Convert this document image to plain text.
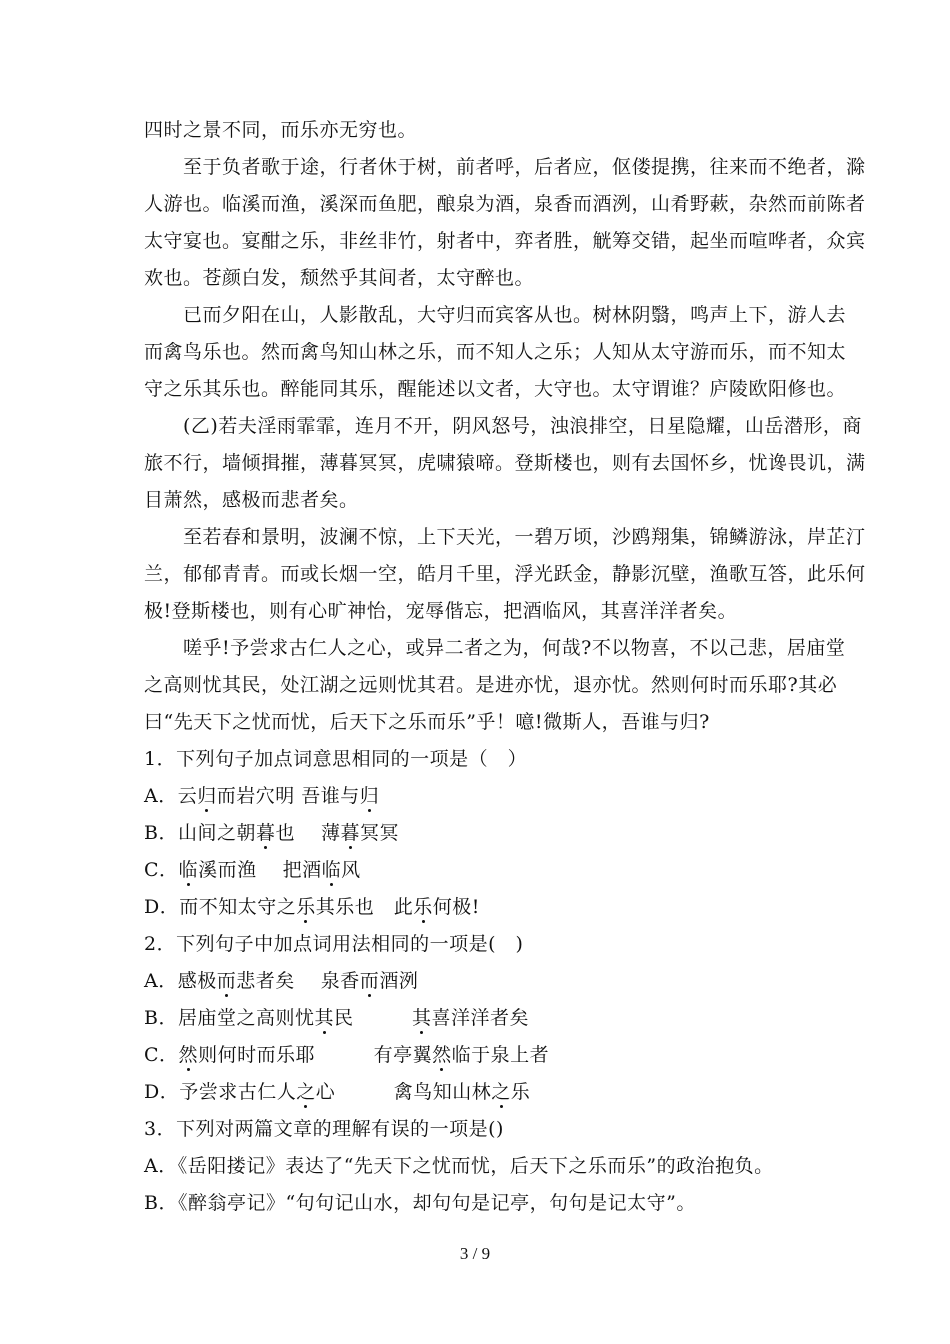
四时之景不同，而乐亦无穷也。
　　至于负者歌于途，行者休于树，前者呼，后者应，伛偻提携，往来而不绝者，滁
人游也。临溪而渔，溪深而鱼肥，酿泉为酒，泉香而酒洌，山肴野蔌，杂然而前陈者
太守宴也。宴酣之乐，非丝非竹，射者中，弈者胜，觥筹交错，起坐而喧哗者，众宾
欢也。苍颜白发，颓然乎其间者，太守醉也。
　　已而夕阳在山，人影散乱，大守归而宾客从也。树林阴翳，鸣声上下，游人去
而禽鸟乐也。然而禽鸟知山林之乐，而不知人之乐；人知从太守游而乐，而不知太
守之乐其乐也。醉能同其乐，醒能述以文者，大守也。太守谓谁？庐陵欧阳修也。
　　(乙)若夫淫雨霏霏，连月不开，阴风怒号，浊浪排空，日星隐耀，山岳潜形，商
旅不行，墙倾揖摧，薄暮冥冥，虎啸猿啼。登斯楼也，则有去国怀乡，忧谗畏讥，满
目萧然，感极而悲者矣。
　　至若春和景明，波澜不惊，上下天光，一碧万顷，沙鸥翔集，锦鳞游泳，岸芷汀
兰，郁郁青青。而或长烟一空，皓月千里，浮光跃金，静影沉壁，渔歌互答，此乐何
极!登斯楼也，则有心旷神怡，宠辱偕忘，把酒临风，其喜洋洋者矣。
　　嗟乎!予尝求古仁人之心，或异二者之为，何哉?不以物喜，不以己悲，居庙堂
之高则忧其民，处江湖之远则忧其君。是进亦忧，退亦忧。然则何时而乐耶?其必
曰“先天下之忧而忧，后天下之乐而乐”乎！噫!微斯人，吾谁与归?
1．下列句子加点词意思相同的一项是（　）
A．云归而岩穴明 吾谁与归
B．山间之朝暮也　 薄暮冥冥
C．临溪而渔　 把酒临风
D．而不知太守之乐其乐也　此乐何极!
2．下列句子中加点词用法相同的一项是(　)
A．感极而悲者矣　 泉香而酒洌
B．居庙堂之高则忧其民　　　其喜洋洋者矣
C．然则何时而乐耶　　　有亭翼然临于泉上者
D．予尝求古仁人之心　　　禽鸟知山林之乐
3．下列对两篇文章的理解有误的一项是()
A．《岳阳搂记》表达了“先天下之忧而忧，后天下之乐而乐”的政治抱负。
B．《醉翁亭记》“句句记山水，却句句是记亭，句句是记太守”。
3 / 9
